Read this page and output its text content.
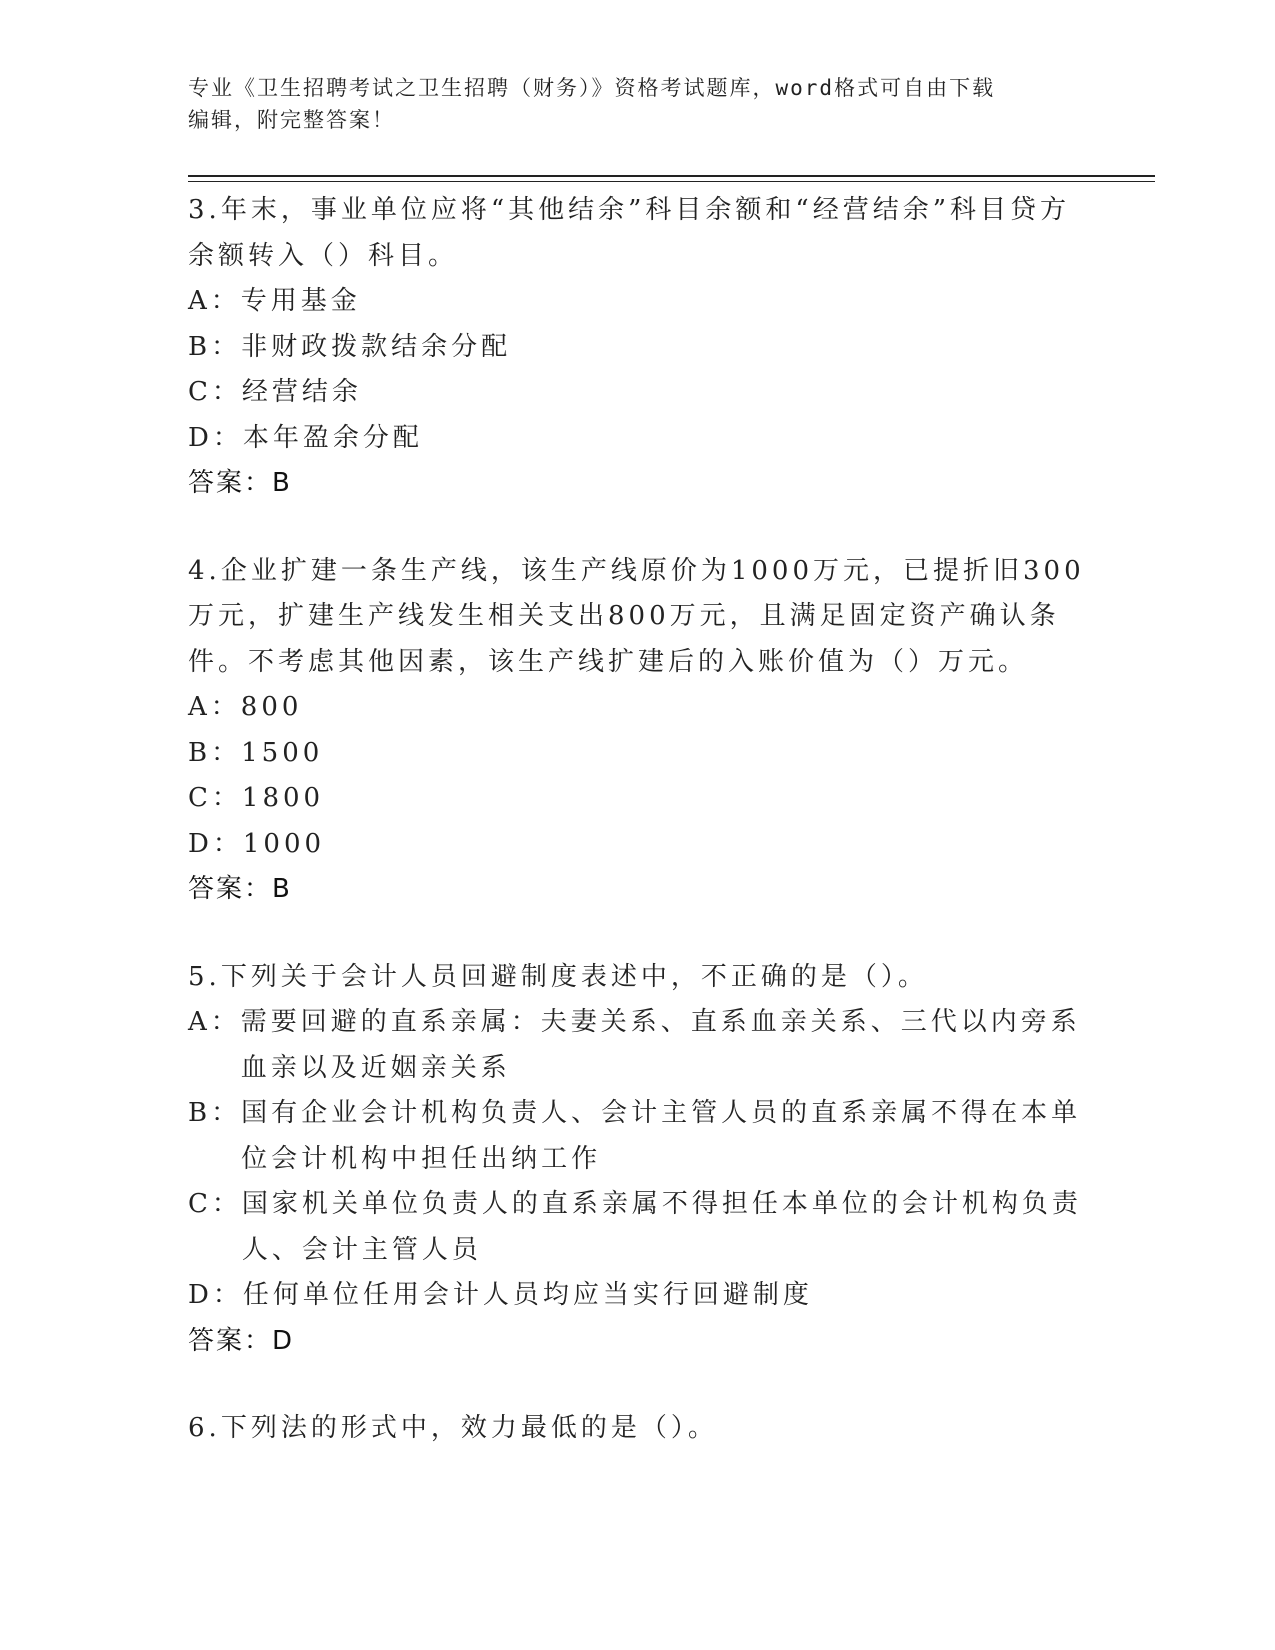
专业《卫生招聘考试之卫生招聘（财务）》资格考试题库，word格式可自由下载
编辑，附完整答案！
3.年末，事业单位应将“其他结余”科目余额和“经营结余”科目贷方余额转入（）科目。
A： 专用基金
B： 非财政拨款结余分配
C： 经营结余
D： 本年盈余分配
答案：B
4.企业扩建一条生产线，该生产线原价为1000万元，已提折旧300万元，扩建生产线发生相关支出800万元，且满足固定资产确认条件。不考虑其他因素，该生产线扩建后的入账价值为（）万元。
A： 800
B： 1500
C： 1800
D： 1000
答案：B
5.下列关于会计人员回避制度表述中，不正确的是（）。
A： 需要回避的直系亲属：夫妻关系、直系血亲关系、三代以内旁系血亲以及近姻亲关系
B： 国有企业会计机构负责人、会计主管人员的直系亲属不得在本单位会计机构中担任出纳工作
C： 国家机关单位负责人的直系亲属不得担任本单位的会计机构负责人、会计主管人员
D： 任何单位任用会计人员均应当实行回避制度
答案：D
6.下列法的形式中，效力最低的是（）。
